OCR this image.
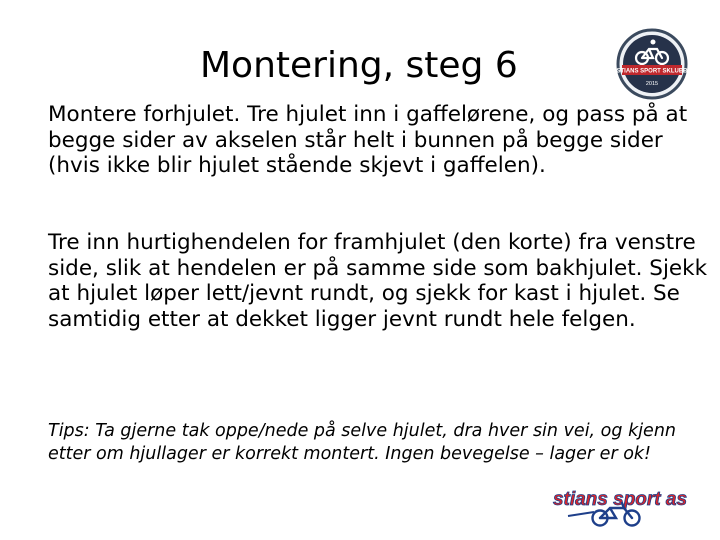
Montering, steg 6	STIANS SPORT SKLUBB
2015

Montere forhjulet. Tre hjulet inn i gaffelørene, og pass på at begge sider av akselen står helt i bunnen på begge sider (hvis ikke blir hjulet stående skjevt i gaffelen).

Tre inn hurtighendelen for framhjulet (den korte) fra venstre side, slik at hendelen er på samme side som bakhjulet. Sjekk at hjulet løper lett/jevnt rundt, og sjekk for kast i hjulet. Se samtidig etter at dekket ligger jevnt rundt hele felgen.

Tips: Ta gjerne tak oppe/nede på selve hjulet, dra hver sin vei, og kjenn etter om hjullager er korrekt montert. Ingen bevegelse – lager er ok!

stians sport as
